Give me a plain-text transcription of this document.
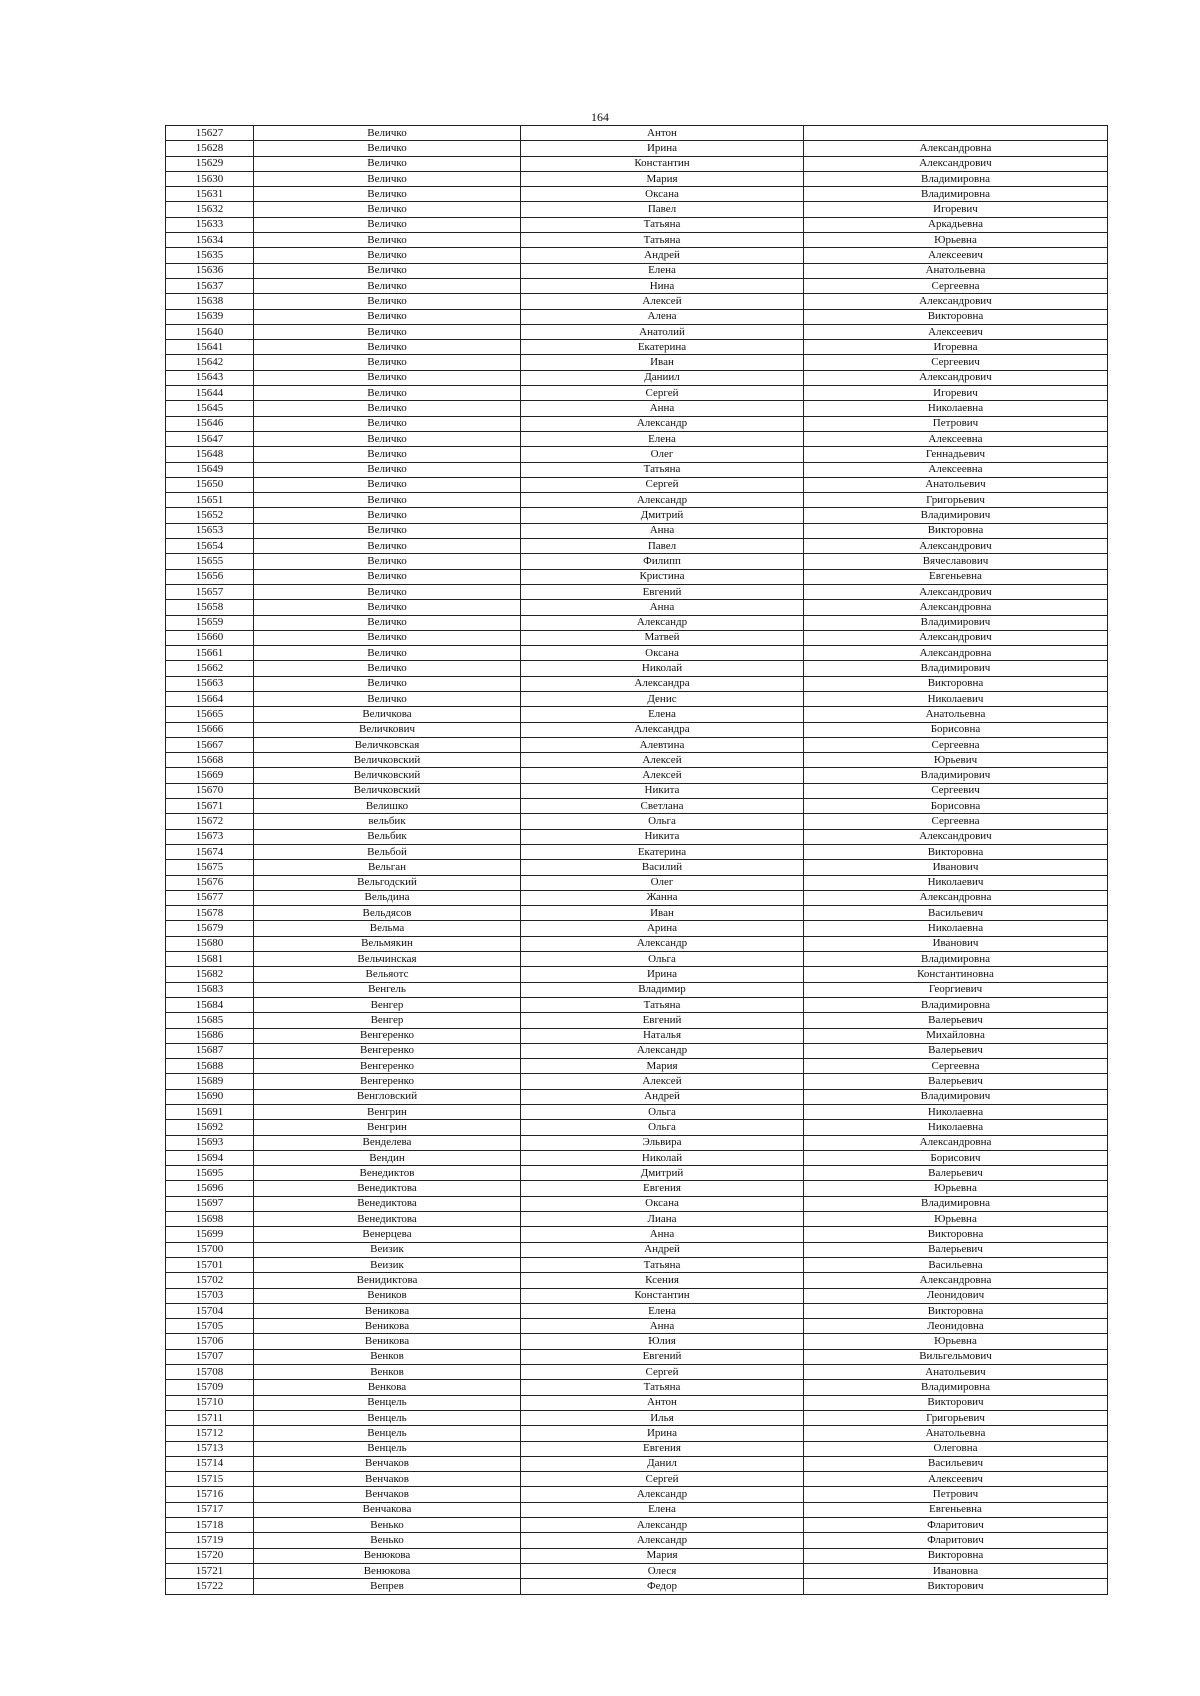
164
15627	Величко	Антон	
15628	Величко	Ирина	Александровна
15629	Величко	Константин	Александрович
15630	Величко	Мария	Владимировна
15631	Величко	Оксана	Владимировна
15632	Величко	Павел	Игоревич
15633	Величко	Татьяна	Аркадьевна
15634	Величко	Татьяна	Юрьевна
15635	Величко	Андрей	Алексеевич
15636	Величко	Елена	Анатольевна
15637	Величко	Нина	Сергеевна
15638	Величко	Алексей	Александрович
15639	Величко	Алена	Викторовна
15640	Величко	Анатолий	Алексеевич
15641	Величко	Екатерина	Игоревна
15642	Величко	Иван	Сергеевич
15643	Величко	Даниил	Александрович
15644	Величко	Сергей	Игоревич
15645	Величко	Анна	Николаевна
15646	Величко	Александр	Петрович
15647	Величко	Елена	Алексеевна
15648	Величко	Олег	Геннадьевич
15649	Величко	Татьяна	Алексеевна
15650	Величко	Сергей	Анатольевич
15651	Величко	Александр	Григорьевич
15652	Величко	Дмитрий	Владимирович
15653	Величко	Анна	Викторовна
15654	Величко	Павел	Александрович
15655	Величко	Филипп	Вячеславович
15656	Величко	Кристина	Евгеньевна
15657	Величко	Евгений	Александрович
15658	Величко	Анна	Александровна
15659	Величко	Александр	Владимирович
15660	Величко	Матвей	Александрович
15661	Величко	Оксана	Александровна
15662	Величко	Николай	Владимирович
15663	Величко	Александра	Викторовна
15664	Величко	Денис	Николаевич
15665	Величкова	Елена	Анатольевна
15666	Величкович	Александра	Борисовна
15667	Величковская	Алевтина	Сергеевна
15668	Величковский	Алексей	Юрьевич
15669	Величковский	Алексей	Владимирович
15670	Величковский	Никита	Сергеевич
15671	Велишко	Светлана	Борисовна
15672	вельбик	Ольга	Сергеевна
15673	Вельбик	Никита	Александрович
15674	Вельбой	Екатерина	Викторовна
15675	Вельган	Василий	Иванович
15676	Вельгодский	Олег	Николаевич
15677	Вельдина	Жанна	Александровна
15678	Вельдясов	Иван	Васильевич
15679	Вельма	Арина	Николаевна
15680	Вельмякин	Александр	Иванович
15681	Вельчинская	Ольга	Владимировна
15682	Вельяотс	Ирина	Константиновна
15683	Венгель	Владимир	Георгиевич
15684	Венгер	Татьяна	Владимировна
15685	Венгер	Евгений	Валерьевич
15686	Венгеренко	Наталья	Михайловна
15687	Венгеренко	Александр	Валерьевич
15688	Венгеренко	Мария	Сергеевна
15689	Венгеренко	Алексей	Валерьевич
15690	Венгловский	Андрей	Владимирович
15691	Венгрин	Ольга	Николаевна
15692	Венгрин	Ольга	Николаевна
15693	Венделева	Эльвира	Александровна
15694	Вендин	Николай	Борисович
15695	Венедиктов	Дмитрий	Валерьевич
15696	Венедиктова	Евгения	Юрьевна
15697	Венедиктова	Оксана	Владимировна
15698	Венедиктова	Лиана	Юрьевна
15699	Венерцева	Анна	Викторовна
15700	Веизик	Андрей	Валерьевич
15701	Веизик	Татьяна	Васильевна
15702	Венидиктова	Ксения	Александровна
15703	Веников	Константин	Леонидович
15704	Веникова	Елена	Викторовна
15705	Веникова	Анна	Леонидовна
15706	Веникова	Юлия	Юрьевна
15707	Венков	Евгений	Вильгельмович
15708	Венков	Сергей	Анатольевич
15709	Венкова	Татьяна	Владимировна
15710	Венцель	Антон	Викторович
15711	Венцель	Илья	Григорьевич
15712	Венцель	Ирина	Анатольевна
15713	Венцель	Евгения	Олеговна
15714	Венчаков	Данил	Васильевич
15715	Венчаков	Сергей	Алексеевич
15716	Венчаков	Александр	Петрович
15717	Венчакова	Елена	Евгеньевна
15718	Венько	Александр	Фларитович
15719	Венько	Александр	Фларитович
15720	Венюкова	Мария	Викторовна
15721	Венюкова	Олеся	Ивановна
15722	Вепрев	Федор	Викторович
